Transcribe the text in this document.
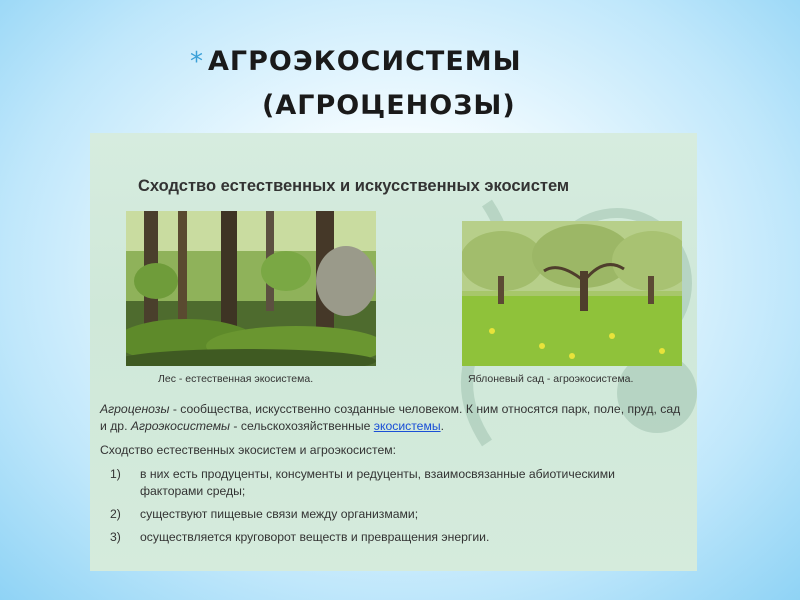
* АГРОЭКОСИСТЕМЫ
(АГРОЦЕНОЗЫ)
Сходство естественных и искусственных экосистем
Лес - естественная экосистема.	Яблоневый сад - агроэкосистема.

Агроценозы - сообщества, искусственно созданные человеком. К ним относятся парк, поле, пруд, сад и др. Агроэкосистемы - сельскохозяйственные экосистемы.

Сходство естественных экосистем и агроэкосистем:

1)	в них есть продуценты, консументы и редуценты, взаимосвязанные абиотическими факторами среды;
2)	существуют пищевые связи между организмами;
3)	осуществляется круговорот веществ и превращения энергии.
